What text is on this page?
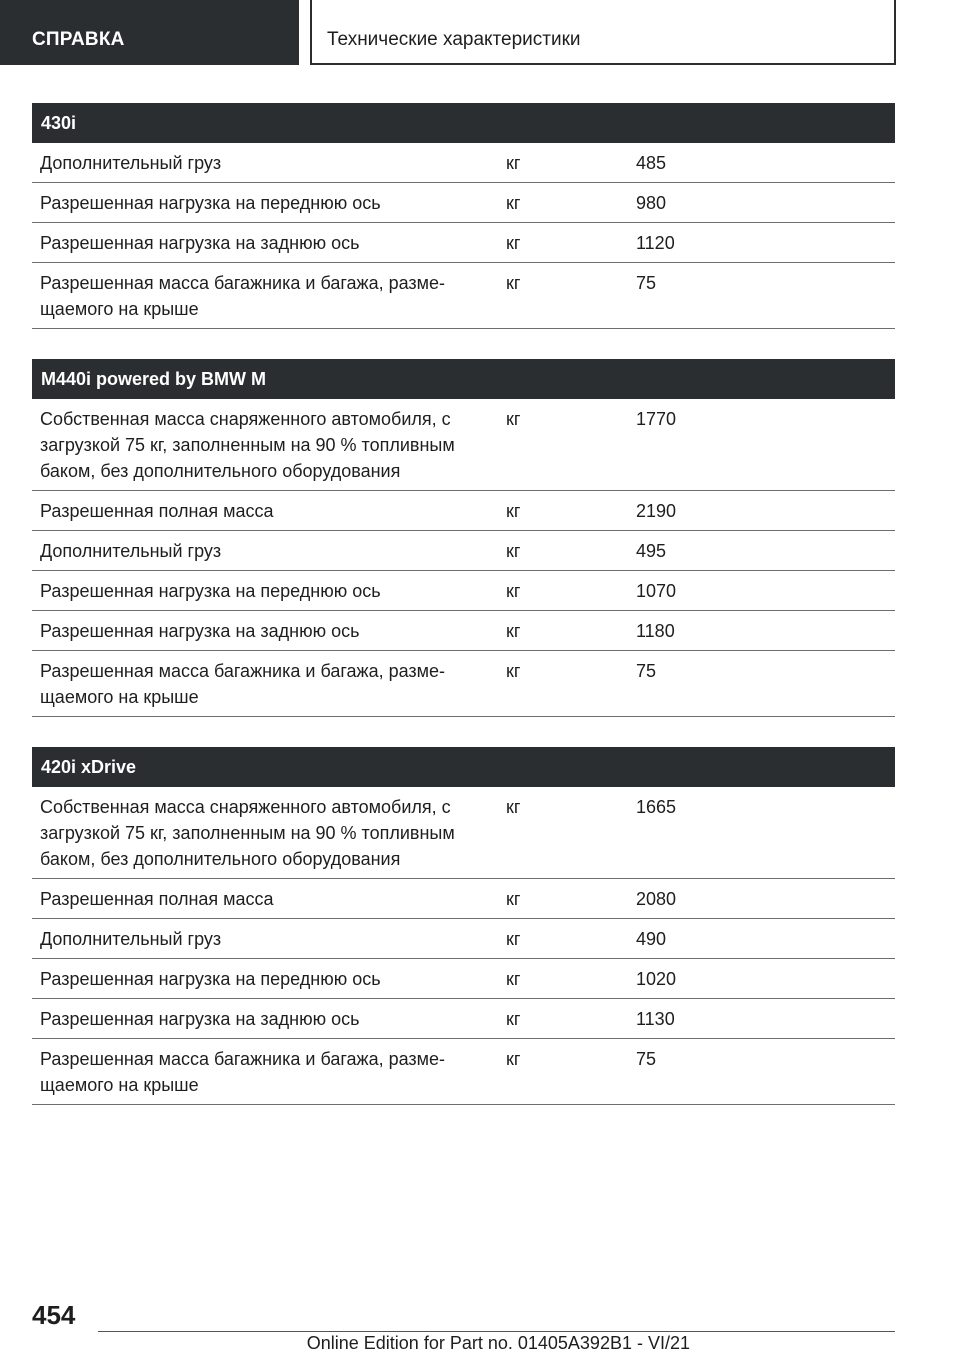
СПРАВКА	Технические характеристики
430i
Дополнительный груз	кг	485
Разрешенная нагрузка на переднюю ось	кг	980
Разрешенная нагрузка на заднюю ось	кг	1120
Разрешенная масса багажника и багажа, разме-
щаемого на крыше
кг	75
M440i powered by BMW M
Собственная масса снаряженного автомобиля, с
загрузкой 75 кг, заполненным на 90 % топливным
баком, без дополнительного оборудования
кг	1770
Разрешенная полная масса	кг	2190
Дополнительный груз	кг	495
Разрешенная нагрузка на переднюю ось	кг	1070
Разрешенная нагрузка на заднюю ось	кг	1180
Разрешенная масса багажника и багажа, разме-
щаемого на крыше
кг	75
420i xDrive
Собственная масса снаряженного автомобиля, с
загрузкой 75 кг, заполненным на 90 % топливным
баком, без дополнительного оборудования
кг	1665
Разрешенная полная масса	кг	2080
Дополнительный груз	кг	490
Разрешенная нагрузка на переднюю ось	кг	1020
Разрешенная нагрузка на заднюю ось	кг	1130
Разрешенная масса багажника и багажа, разме-
щаемого на крыше
кг	75
454
Online Edition for Part no. 01405A392B1 - VI/21
